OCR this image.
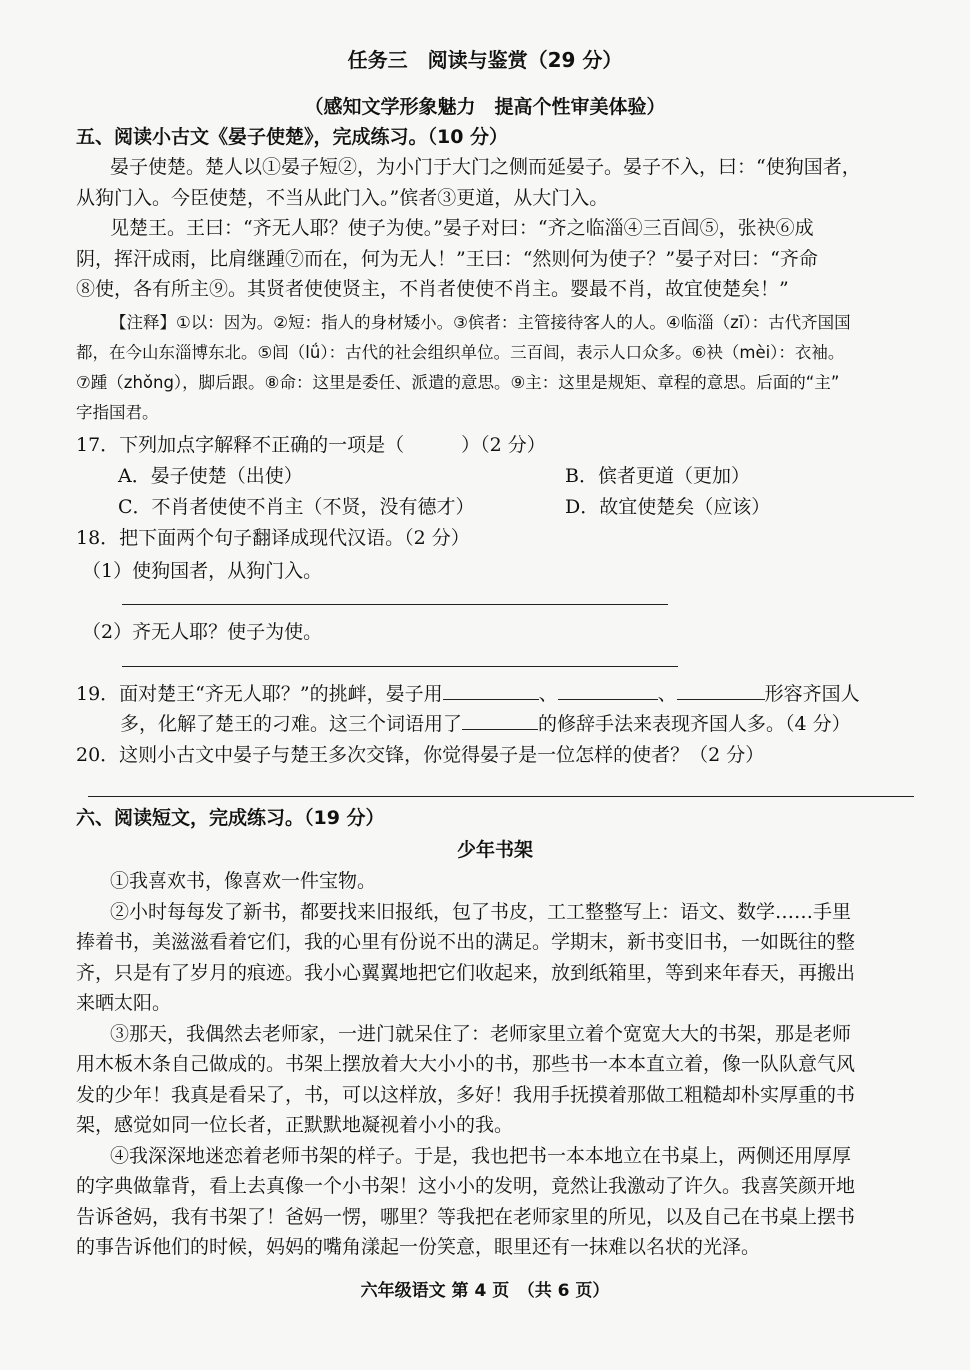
任务三　阅读与鉴赏（29 分）
（感知文学形象魅力　提高个性审美体验）
五、阅读小古文《晏子使楚》，完成练习。（10 分）
晏子使楚。楚人以①晏子短②，为小门于大门之侧而延晏子。晏子不入，曰：“使狗国者，
从狗门入。今臣使楚，不当从此门入。”傧者③更道，从大门入。
见楚王。王曰：“齐无人耶？使子为使。”晏子对曰：“齐之临淄④三百闾⑤，张袂⑥成
阴，挥汗成雨，比肩继踵⑦而在，何为无人！”王曰：“然则何为使子？”晏子对曰：“齐命
⑧使，各有所主⑨。其贤者使使贤主，不肖者使使不肖主。婴最不肖，故宜使楚矣！”
【注释】①以：因为。②短：指人的身材矮小。③傧者：主管接待客人的人。④临淄（zī）：古代齐国国
都，在今山东淄博东北。⑤闾（lǘ）：古代的社会组织单位。三百闾，表示人口众多。⑥袂（mèi）：衣袖。
⑦踵（zhǒng），脚后跟。⑧命：这里是委任、派遣的意思。⑨主：这里是规矩、章程的意思。后面的“主”
字指国君。
17．下列加点字解释不正确的一项是（　　　）（2 分）
A．晏子使楚（出使）	B．傧者更道（更加）
C．不肖者使使不肖主（不贤，没有德才）	D．故宜使楚矣（应该）
18．把下面两个句子翻译成现代汉语。（2 分）
（1）使狗国者，从狗门入。
（2）齐无人耶？使子为使。
19．面对楚王“齐无人耶？”的挑衅，晏子用	、	、	形容齐国人
多，化解了楚王的刁难。这三个词语用了	的修辞手法来表现齐国人多。（4 分）
20．这则小古文中晏子与楚王多次交锋，你觉得晏子是一位怎样的使者？（2 分）
六、阅读短文，完成练习。（19 分）
少年书架
①我喜欢书，像喜欢一件宝物。
②小时每每发了新书，都要找来旧报纸，包了书皮，工工整整写上：语文、数学……手里
捧着书，美滋滋看着它们，我的心里有份说不出的满足。学期末，新书变旧书，一如既往的整
齐，只是有了岁月的痕迹。我小心翼翼地把它们收起来，放到纸箱里，等到来年春天，再搬出
来晒太阳。
③那天，我偶然去老师家，一进门就呆住了：老师家里立着个宽宽大大的书架，那是老师
用木板木条自己做成的。书架上摆放着大大小小的书，那些书一本本直立着，像一队队意气风
发的少年！我真是看呆了，书，可以这样放，多好！我用手抚摸着那做工粗糙却朴实厚重的书
架，感觉如同一位长者，正默默地凝视着小小的我。
④我深深地迷恋着老师书架的样子。于是，我也把书一本本地立在书桌上，两侧还用厚厚
的字典做靠背，看上去真像一个小书架！这小小的发明，竟然让我激动了许久。我喜笑颜开地
告诉爸妈，我有书架了！爸妈一愣，哪里？等我把在老师家里的所见，以及自己在书桌上摆书
的事告诉他们的时候，妈妈的嘴角漾起一份笑意，眼里还有一抹难以名状的光泽。
六年级语文 第 4 页　（共 6 页）
